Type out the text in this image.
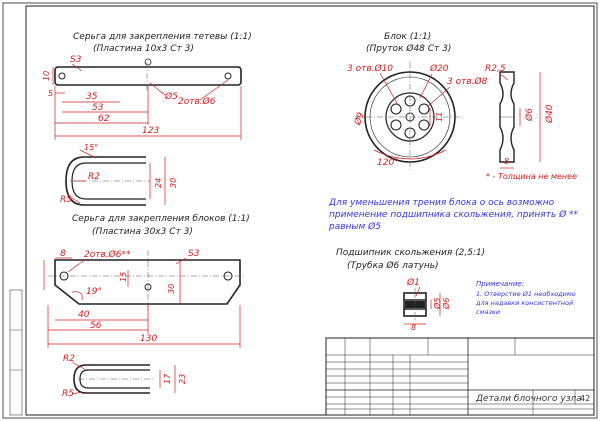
Серьга для закрепления тетевы (1:1)
(Пластина 10х3 Ст 3)
10
S3
5	35
53
62
123
Ø5 2отв.Ø6
15°
R2
R5
24 30
Блок (1:1)
(Пруток Ø48 Ст 3)
3 отв.Ø10	Ø20
3 отв.Ø8
Ø9	11
120°
R2,5
Ø6 Ø40
8
* - Толщина не менее
Для уменьшения трения блока о ось возможно
применение подшипника скольжения, принять Ø **
равным Ø5
Серьга для закрепления блоков (1:1)
(Пластина 30х3 Ст 3)
8 2отв.Ø6**	S3
15
30
19°
40
56
130
R2
R5
17 23
Подшипник скольжения (2,5:1)
(Трубка Ø6 латунь)
Ø1
Ø5 Ø6
8
Примечание:
1. Отверстие Ø1 необходимо
для надавки консистентной
смазки
Детали блочного узла
42
